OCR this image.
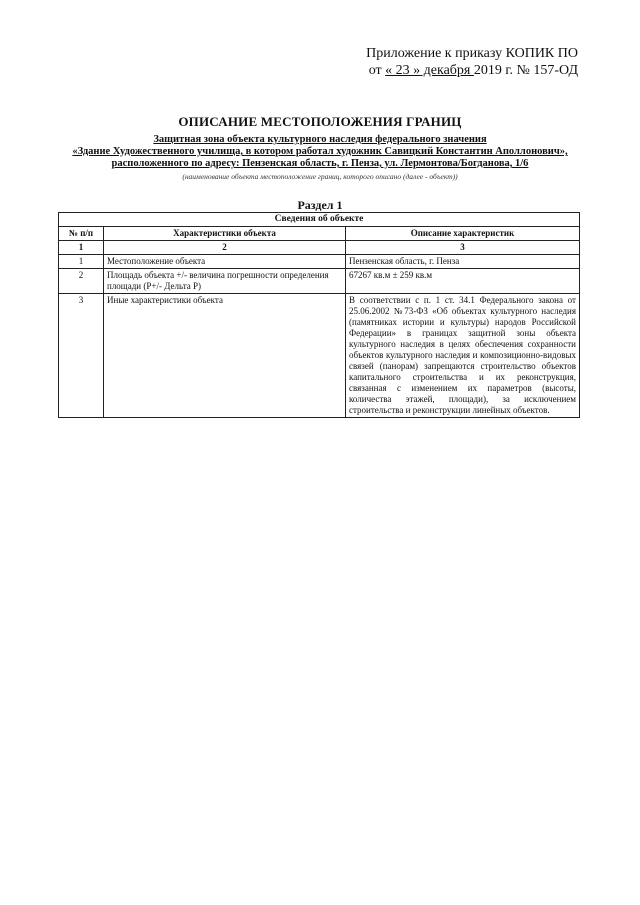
Приложение к приказу КОПИК ПО
от « 23 » декабря 2019 г. № 157-ОД
ОПИСАНИЕ МЕСТОПОЛОЖЕНИЯ ГРАНИЦ
Защитная зона объекта культурного наследия федерального значения
«Здание Художественного училища, в котором работал художник Савицкий Константин Аполлонович»,
расположенного по адресу: Пензенская область, г. Пенза, ул. Лермонтова/Богданова, 1/6
(наименование объекта местоположение границ, которого описано (далее - объект))
Раздел 1
Сведения об объекте		
№ п/п	Характеристики объекта	Описание характеристик
1	2	3
1	Местоположение объекта	Пензенская область, г. Пенза
2	Площадь объекта +/- величина погрешности определения площади (Р+/- Дельта Р)	67267 кв.м ± 259 кв.м
3	Иные характеристики объекта	В соответствии с п. 1 ст. 34.1 Федерального закона от 25.06.2002 №73-ФЗ «Об объектах культурного наследия (памятниках истории и культуры) народов Российской Федерации» в границах защитной зоны объекта культурного наследия в целях обеспечения сохранности объектов культурного наследия и композиционно-видовых связей (панорам) запрещаются строительство объектов капитального строительства и их реконструкция, связанная с изменением их параметров (высоты, количества этажей, площади), за исключением строительства и реконструкции линейных объектов.
